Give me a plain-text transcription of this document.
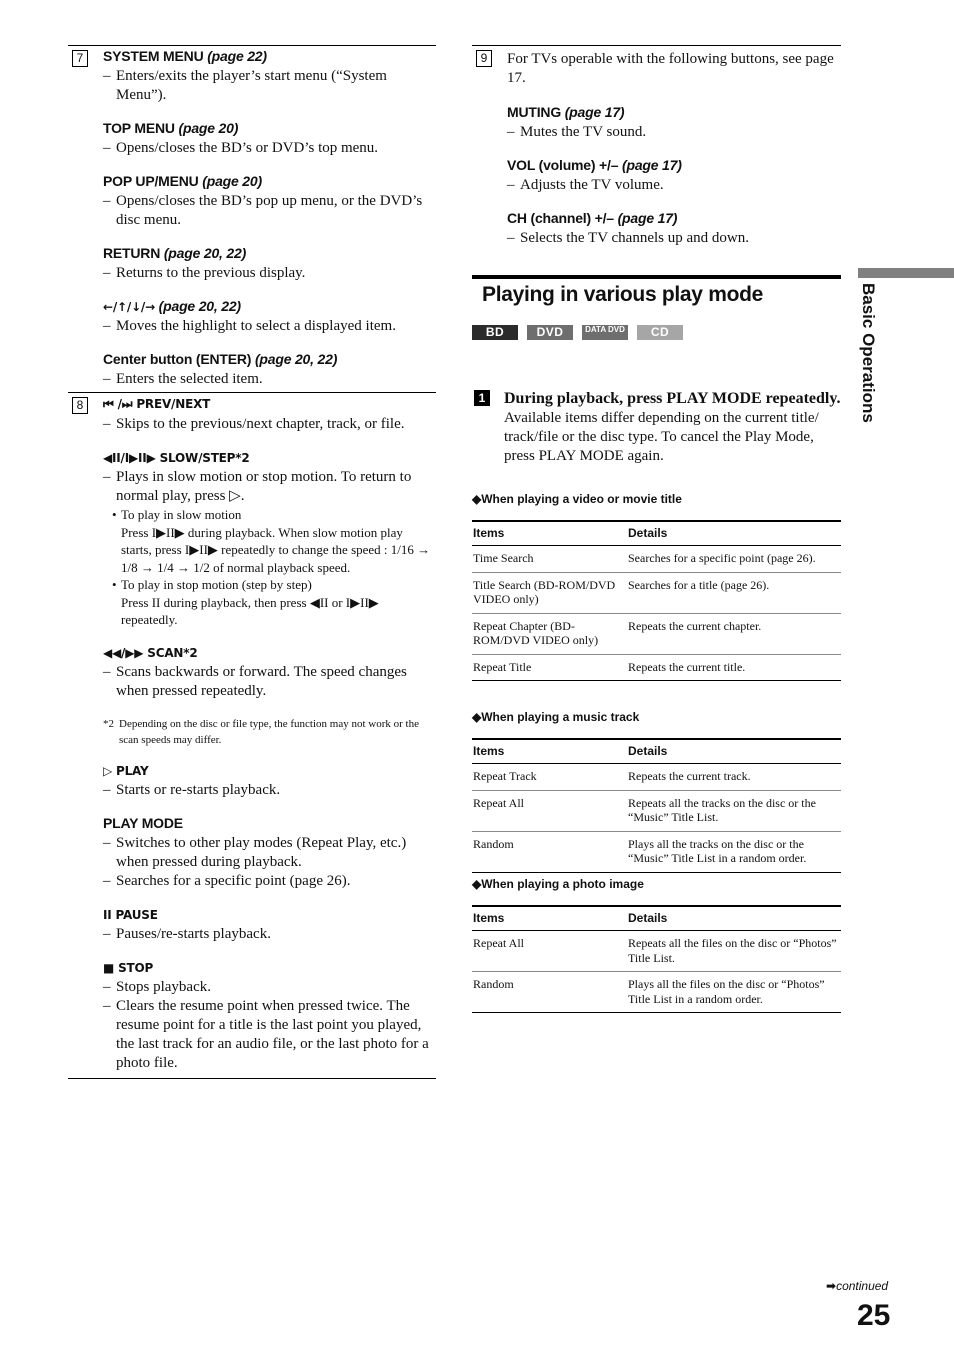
Basic Operations
7	SYSTEM MENU (page 22)
– Enters/exits the player’s start menu (“System Menu”).
TOP MENU (page 20)
– Opens/closes the BD’s or DVD’s top menu.
POP UP/MENU (page 20)
– Opens/closes the BD’s pop up menu, or the DVD’s disc menu.
RETURN (page 20, 22)
– Returns to the previous display.
←/↑/↓/→ (page 20, 22)
– Moves the highlight to select a displayed item.
Center button (ENTER) (page 20, 22)
– Enters the selected item.
8	⏮ /⏭ PREV/NEXT
– Skips to the previous/next chapter, track, or file.
◀II/I▶II▶ SLOW/STEP*2
– Plays in slow motion or stop motion. To return to normal play, press ▷.
• To play in slow motion
Press I▶II▶ during playback. When slow motion play starts, press I▶II▶ repeatedly to change the speed : 1/16 → 1/8 → 1/4 → 1/2 of normal playback speed.
• To play in stop motion (step by step)
Press II during playback, then press ◀II or I▶II▶ repeatedly.
◀◀/▶▶ SCAN*2
– Scans backwards or forward. The speed changes when pressed repeatedly.
*2 Depending on the disc or file type, the function may not work or the scan speeds may differ.
▷ PLAY
– Starts or re-starts playback.
PLAY MODE
– Switches to other play modes (Repeat Play, etc.) when pressed during playback.
– Searches for a specific point (page 26).
II PAUSE
– Pauses/re-starts playback.
■ STOP
– Stops playback.
– Clears the resume point when pressed twice. The resume point for a title is the last point you played, the last track for an audio file, or the last photo for a photo file.
9	For TVs operable with the following buttons, see page 17.
MUTING (page 17)
– Mutes the TV sound.
VOL (volume) +/– (page 17)
– Adjusts the TV volume.
CH (channel) +/– (page 17)
– Selects the TV channels up and down.
Playing in various play mode
BD	DVD	DATA DVD	CD
1	During playback, press PLAY MODE repeatedly.
Available items differ depending on the current title/ track/file or the disc type. To cancel the Play Mode, press PLAY MODE again.
◆When playing a video or movie title
Items	Details
Time Search	Searches for a specific point (page 26).
Title Search (BD-ROM/DVD VIDEO only)	Searches for a title (page 26).
Repeat Chapter (BD-ROM/DVD VIDEO only)	Repeats the current chapter.
Repeat Title	Repeats the current title.
◆When playing a music track
Items	Details
Repeat Track	Repeats the current track.
Repeat All	Repeats all the tracks on the disc or the “Music” Title List.
Random	Plays all the tracks on the disc or the “Music” Title List in a random order.
◆When playing a photo image
Items	Details
Repeat All	Repeats all the files on the disc or “Photos” Title List.
Random	Plays all the files on the disc or “Photos” Title List in a random order.
➡continued
25
